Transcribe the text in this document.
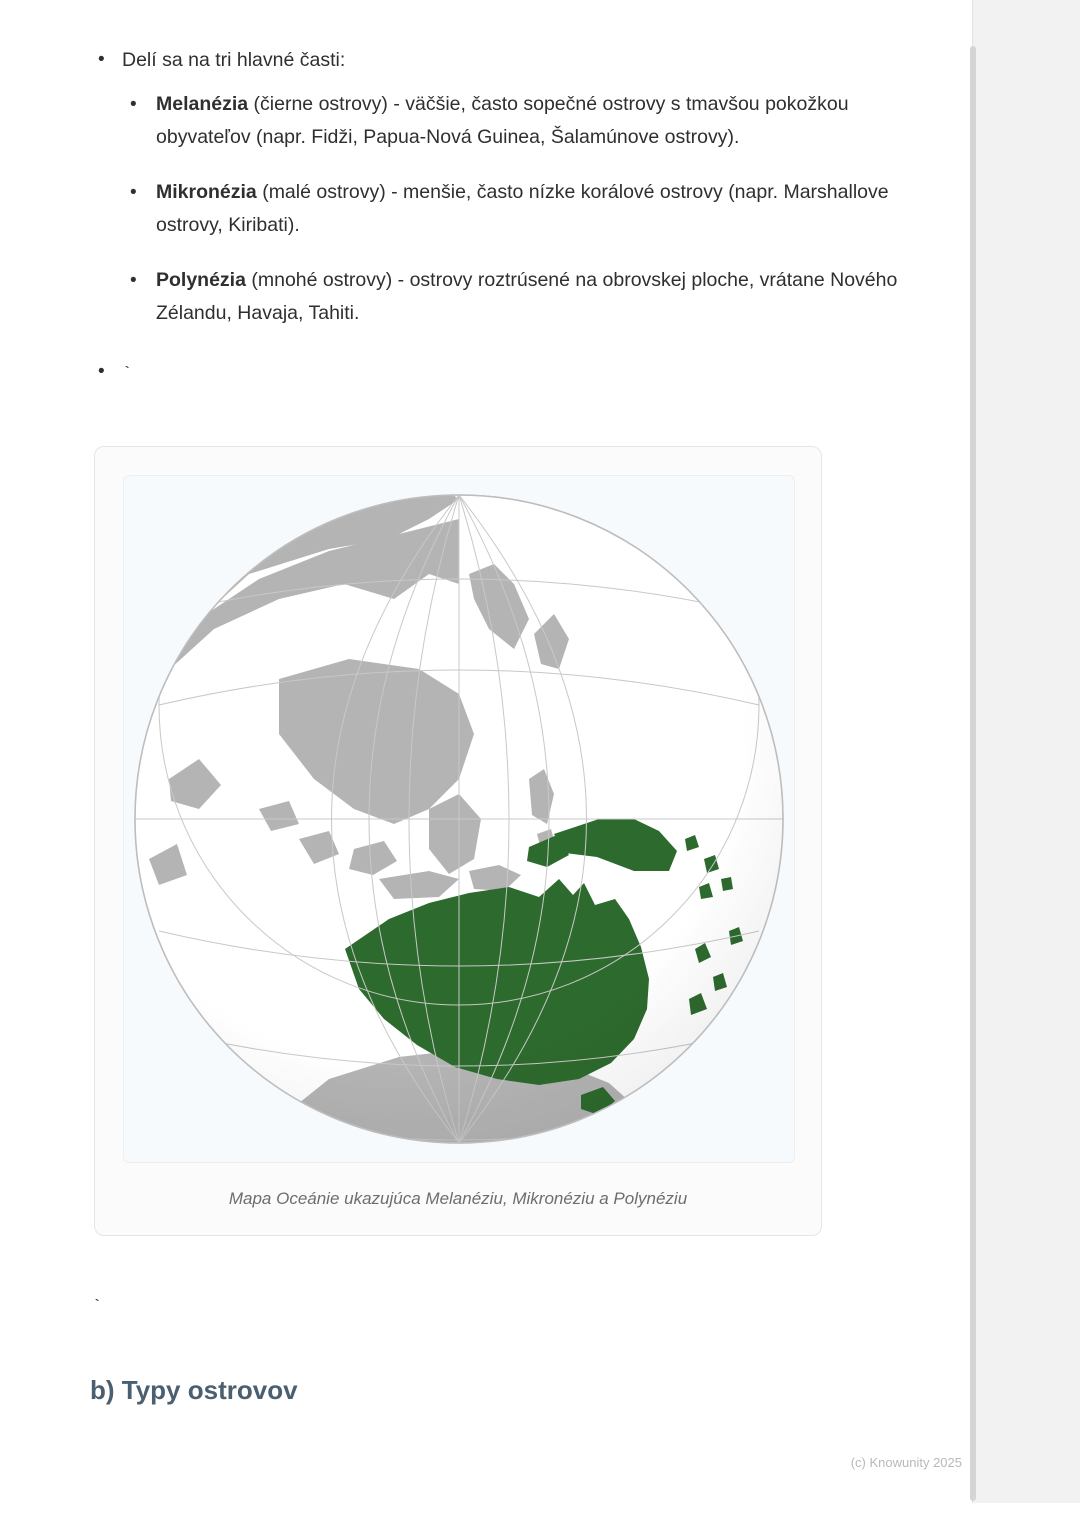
• Delí sa na tri hlavné časti:
• Melanézia (čierne ostrovy) - väčšie, často sopečné ostrovy s tmavšou pokožkou obyvateľov (napr. Fidži, Papua-Nová Guinea, Šalamúnove ostrovy).
• Mikronézia (malé ostrovy) - menšie, často nízke korálové ostrovy (napr. Marshallove ostrovy, Kiribati).
• Polynézia (mnohé ostrovy) - ostrovy roztrúsené na obrovskej ploche, vrátane Nového Zélandu, Havaja, Tahiti.
• `
Mapa Oceánie ukazujúca Melanéziu, Mikronéziu a Polynéziu
`
b) Typy ostrovov
(c) Knowunity 2025
